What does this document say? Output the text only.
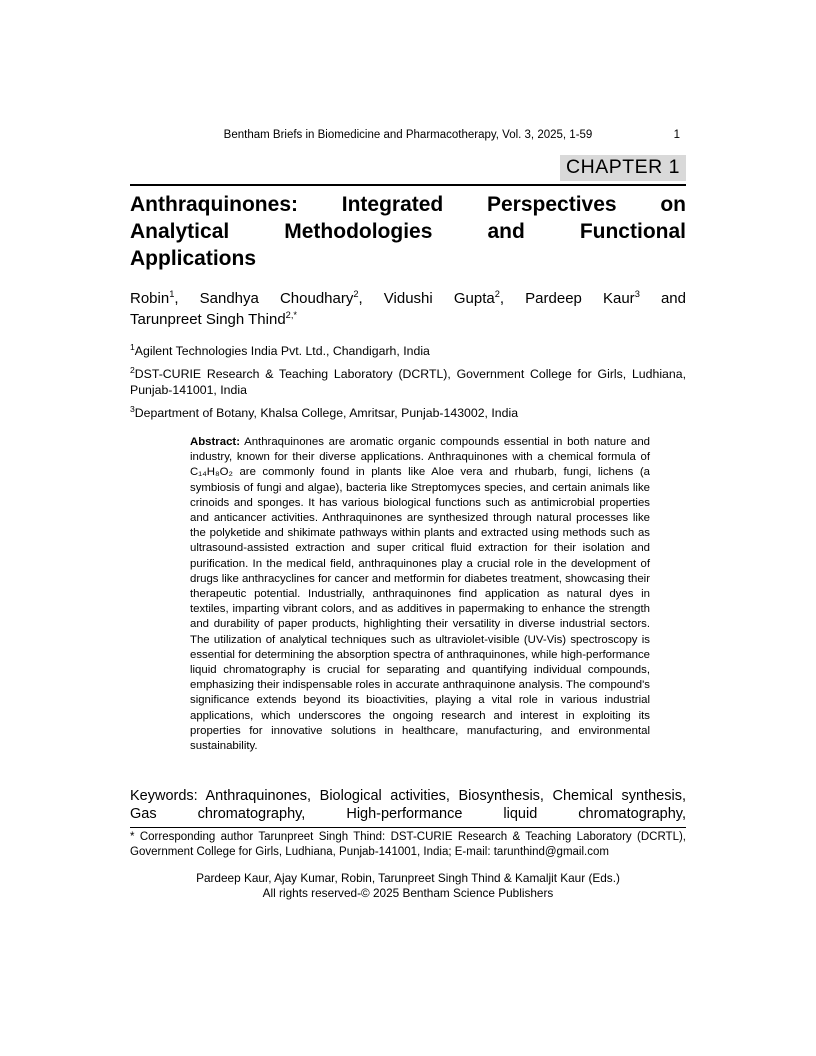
Bentham Briefs in Biomedicine and Pharmacotherapy, Vol. 3, 2025, 1-59	1
CHAPTER 1
Anthraquinones: Integrated Perspectives on
Analytical Methodologies and Functional
Applications
Robin$^1$, Sandhya Choudhary$^2$, Vidushi Gupta$^2$, Pardeep Kaur$^3$ and
Tarunpreet Singh Thind$^{2,*}$

$^1$Agilent Technologies India Pvt. Ltd., Chandigarh, India

$^2$DST-CURIE Research & Teaching Laboratory (DCRTL), Government College for Girls, Ludhiana, Punjab-141001, India

$^3$Department of Botany, Khalsa College, Amritsar, Punjab-143002, India

Abstract: Anthraquinones are aromatic organic compounds essential in both nature and industry, known for their diverse applications. Anthraquinones with a chemical formula of C₁₄H₈O₂ are commonly found in plants like Aloe vera and rhubarb, fungi, lichens (a symbiosis of fungi and algae), bacteria like Streptomyces species, and certain animals like crinoids and sponges. It has various biological functions such as antimicrobial properties and anticancer activities. Anthraquinones are synthesized through natural processes like the polyketide and shikimate pathways within plants and extracted using methods such as ultrasound-assisted extraction and super critical fluid extraction for their isolation and purification. In the medical field, anthraquinones play a crucial role in the development of drugs like anthracyclines for cancer and metformin for diabetes treatment, showcasing their therapeutic potential. Industrially, anthraquinones find application as natural dyes in textiles, imparting vibrant colors, and as additives in papermaking to enhance the strength and durability of paper products, highlighting their versatility in diverse industrial sectors. The utilization of analytical techniques such as ultraviolet-visible (UV-Vis) spectroscopy is essential for determining the absorption spectra of anthraquinones, while high-performance liquid chromatography is crucial for separating and quantifying individual compounds, emphasizing their indispensable roles in accurate anthraquinone analysis. The compound's significance extends beyond its bioactivities, playing a vital role in various industrial applications, which underscores the ongoing research and interest in exploiting its properties for innovative solutions in healthcare, manufacturing, and environmental sustainability.
Keywords: Anthraquinones, Biological activities, Biosynthesis, Chemical synthesis, Gas chromatography, High-performance liquid chromatography,
* Corresponding author Tarunpreet Singh Thind: DST-CURIE Research & Teaching Laboratory (DCRTL), Government College for Girls, Ludhiana, Punjab-141001, India; E-mail: tarunthind@gmail.com
Pardeep Kaur, Ajay Kumar, Robin, Tarunpreet Singh Thind & Kamaljit Kaur (Eds.)
All rights reserved-© 2025 Bentham Science Publishers
